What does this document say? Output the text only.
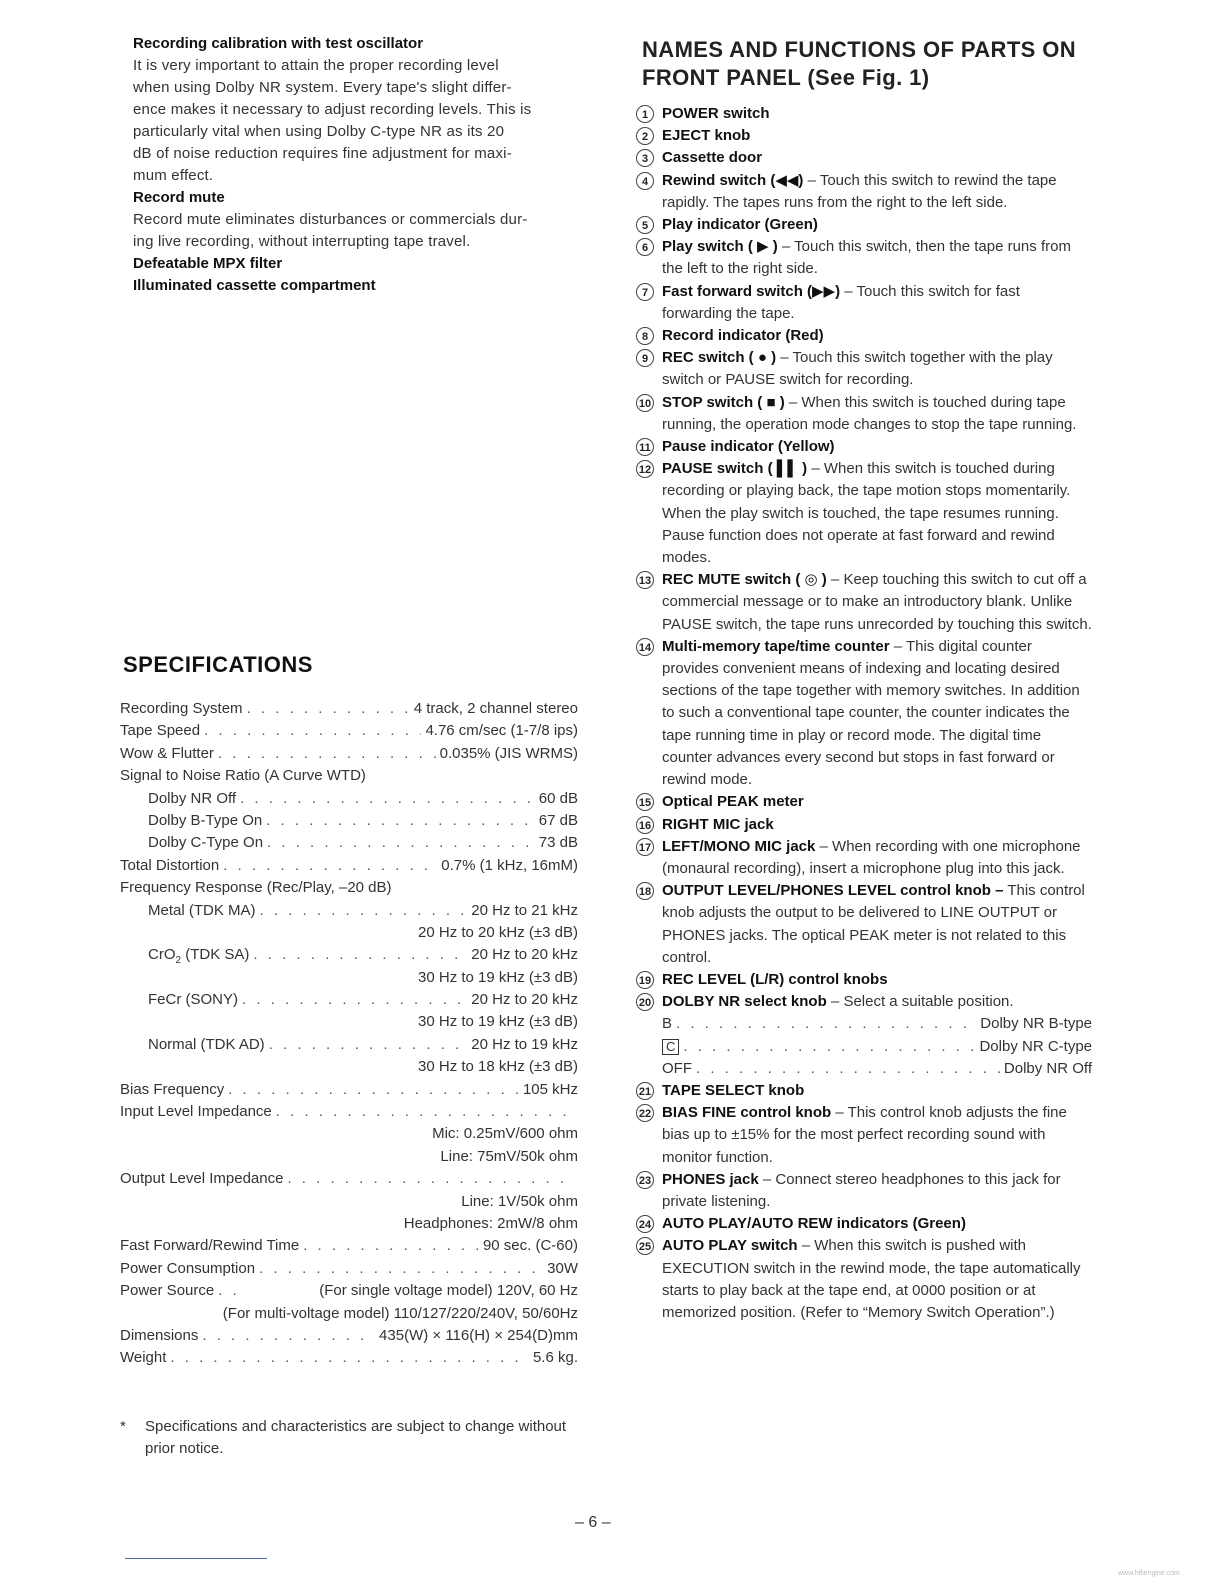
Recording calibration with test oscillator

It is very important to attain the proper recording level

when using Dolby NR system. Every tape's slight differ-

ence makes it necessary to adjust recording levels. This is

particularly vital when using Dolby C-type NR as its 20

dB of noise reduction requires fine adjustment for maxi-

mum effect.

Record mute

Record mute eliminates disturbances or commercials dur-

ing live recording, without interrupting tape travel.

Defeatable MPX filter

Illuminated cassette compartment

SPECIFICATIONS
Recording System . . .	4 track, 2 channel stereo
Tape Speed . . .	4.76 cm/sec (1-7/8 ips)
Wow & Flutter . . .	0.035% (JIS WRMS)
Signal to Noise Ratio (A Curve WTD)
Dolby NR Off . . .	60 dB
Dolby B-Type On . . .	67 dB
Dolby C-Type On . . .	73 dB
Total Distortion . . .	0.7% (1 kHz, 16mM)
Frequency Response (Rec/Play, –20 dB)
Metal (TDK MA) . . .	20 Hz to 21 kHz
20 Hz to 20 kHz (±3 dB)
CrO$_2$ (TDK SA) . . .	20 Hz to 20 kHz
30 Hz to 19 kHz (±3 dB)
FeCr (SONY) . . .	20 Hz to 20 kHz
30 Hz to 19 kHz (±3 dB)
Normal (TDK AD) . . .	20 Hz to 19 kHz
30 Hz to 18 kHz (±3 dB)
Bias Frequency . . .	105 kHz
Input Level Impedance
. . .
Mic: 0.25mV/600 ohm
Line: 75mV/50k ohm
Output Level Impedance
. . .
Line: 1V/50k ohm
Headphones: 2mW/8 ohm
Fast Forward/Rewind Time . . .	90 sec. (C-60)
Power Consumption . . .	30W
Power Source . . .	(For single voltage model) 120V, 60 Hz
(For multi-voltage model) 110/127/220/240V, 50/60Hz
Dimensions . . .	435(W) × 116(H) × 254(D)mm
Weight . . .	5.6 kg.
* Specifications and characteristics are subject to change without prior notice.
NAMES AND FUNCTIONS OF PARTS ON
FRONT PANEL (See Fig. 1)
1 POWER switch
2 EJECT knob
3 Cassette door
4 Rewind switch (◀◀) – Touch this switch to rewind the tape rapidly. The tapes runs from the right to the left side.
5 Play indicator (Green)
6 Play switch ( ▶ ) – Touch this switch, then the tape runs from the left to the right side.
7 Fast forward switch (▶▶) – Touch this switch for fast forwarding the tape.
8 Record indicator (Red)
9 REC switch ( ● ) – Touch this switch together with the play switch or PAUSE switch for recording.
10 STOP switch ( ■ ) – When this switch is touched during tape running, the operation mode changes to stop the tape running.
11 Pause indicator (Yellow)
12 PAUSE switch ( ▌▌ ) – When this switch is touched during recording or playing back, the tape motion stops momentarily. When the play switch is touched, the tape resumes running. Pause function does not operate at fast forward and rewind modes.
13 REC MUTE switch ( ◎ ) – Keep touching this switch to cut off a commercial message or to make an introductory blank. Unlike PAUSE switch, the tape runs unrecorded by touching this switch.
14 Multi-memory tape/time counter – This digital counter provides convenient means of indexing and locating desired sections of the tape together with memory switches. In addition to such a conventional tape counter, the counter indicates the tape running time in play or record mode. The digital time counter advances every second but stops in fast forward or rewind mode.
15 Optical PEAK meter
16 RIGHT MIC jack
17 LEFT/MONO MIC jack – When recording with one microphone (monaural recording), insert a microphone plug into this jack.
18 OUTPUT LEVEL/PHONES LEVEL control knob – This control knob adjusts the output to be delivered to LINE OUTPUT or PHONES jacks. The optical PEAK meter is not related to this control.
19 REC LEVEL (L/R) control knobs
20 DOLBY NR select knob – Select a suitable position.
B . . .	Dolby NR B-type
C . . .	Dolby NR C-type
OFF . . .	Dolby NR Off
21 TAPE SELECT knob
22 BIAS FINE control knob – This control knob adjusts the fine bias up to ±15% for the most perfect recording sound with monitor function.
23 PHONES jack – Connect stereo headphones to this jack for private listening.
24 AUTO PLAY/AUTO REW indicators (Green)
25 AUTO PLAY switch – When this switch is pushed with EXECUTION switch in the rewind mode, the tape automatically starts to play back at the tape end, at 0000 position or at memorized position. (Refer to “Memory Switch Operation”.)
– 6 –
www.hifiengine.com
